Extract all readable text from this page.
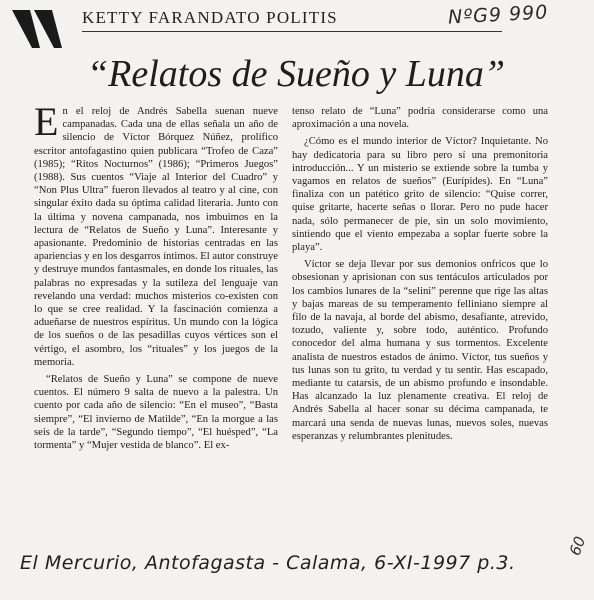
KETTY FARANDATO POLITIS	NºG9 990
“Relatos de Sueño y Luna”

En el reloj de Andrés Sabella suenan nueve campanadas. Cada una de ellas señala un año de silencio de Víctor Bórquez Núñez, prolífico escritor antofagastino quien publicara “Trofeo de Caza” (1985); “Ritos Nocturnos” (1986); “Primeros Juegos” (1988). Sus cuentos “Viaje al Interior del Cuadro” y “Non Plus Ultra” fueron llevados al teatro y al cine, con singular éxito dada su óptima calidad literaria. Junto con la última y novena campanada, nos imbuimos en la lectura de “Relatos de Sueño y Luna”. Interesante y apasionante. Predominio de historias centradas en las apariencias y en los desgarros íntimos. El autor construye y destruye mundos fantasmales, en donde los rituales, las palabras no expresadas y la sutileza del lenguaje van revelando una verdad: muchos misterios co-existen con lo que se cree realidad. Y la fascinación comienza a adueñarse de nuestros espíritus. Un mundo con la lógica de los sueños o de las pesadillas cuyos vértices son el vértigo, el asombro, los “rituales” y los juegos de la memoria.

“Relatos de Sueño y Luna” se compone de nueve cuentos. El número 9 salta de nuevo a la palestra. Un cuento por cada año de silencio: “En el museo”, “Basta siempre”, “El invierno de Matilde”, “En la morgue a las seis de la tarde”, “Segundo tiempo”, “El huésped”, “La tormenta” y “Mujer vestida de blanco”. El ex-

tenso relato de “Luna” podría considerarse como una aproximación a una novela.

¿Cómo es el mundo interior de Víctor? Inquietante. No hay dedicatoria para su libro pero sí una premonitoria introducción... Y un misterio se extiende sobre la tumba y vagamos en relatos de sueños” (Eurípides). En “Luna” finaliza con un patético grito de silencio: “Quise correr, quise gritarte, hacerte señas o llorar. Pero no pude hacer nada, sólo permanecer de pie, sin un solo movimiento, sintiendo que el viento empezaba a soplar fuerte sobre la playa”.

Víctor se deja llevar por sus demonios onfricos que lo obsesionan y aprisionan con sus tentáculos articulados por los cambios lunares de la “selini” perenne que rige las altas y bajas mareas de su temperamento felliniano siempre al filo de la navaja, al borde del abismo, desafiante, atrevido, tozudo, valiente y, sobre todo, auténtico. Profundo conocedor del alma humana y sus tormentos. Excelente analista de nuestros estados de ánimo. Víctor, tus sueños y tus lunas son tu grito, tu verdad y tu sentir. Has escapado, mediante tu catarsis, de un abismo profundo e insondable. Has alcanzado la luz plenamente creativa. El reloj de Andrés Sabella al hacer sonar su décima campanada, te marcará una senda de nuevas lunas, nuevos soles, nuevas esperanzas y relumbrantes plenitudes.

El Mercurio, Antofagasta - Calama, 6-XI-1997 p.3.
60
